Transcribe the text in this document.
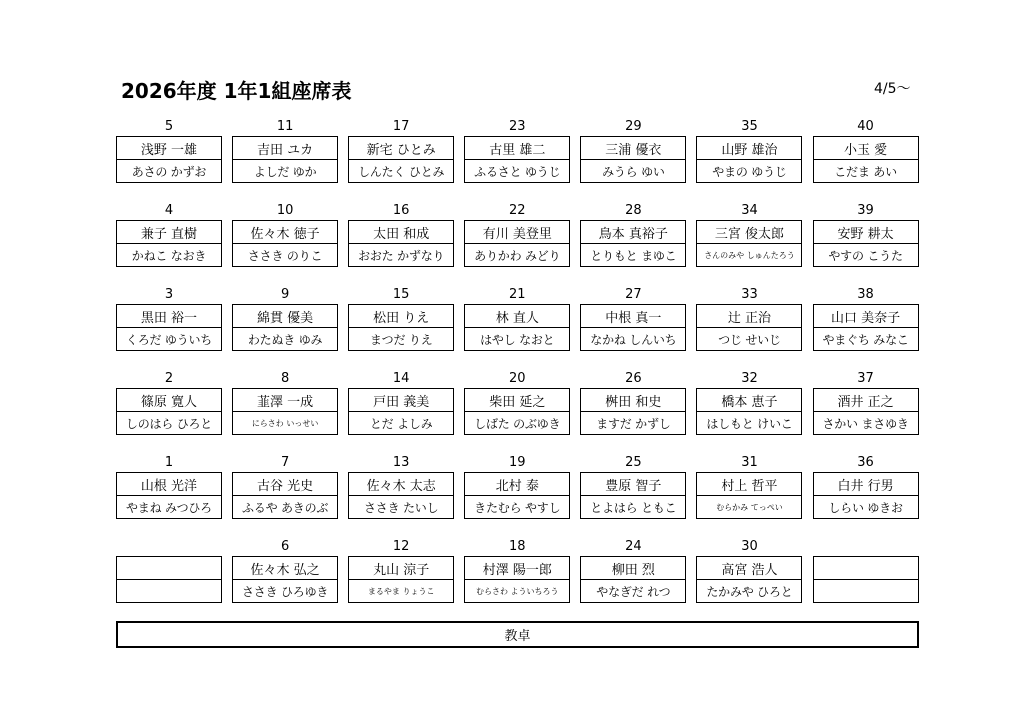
2026年度 1年1組座席表	4/5〜
5
浅野 一雄
あさの かずお
11
吉田 ユカ
よしだ ゆか
17
新宅 ひとみ
しんたく ひとみ
23
古里 雄二
ふるさと ゆうじ
29
三浦 優衣
みうら ゆい
35
山野 雄治
やまの ゆうじ
40
小玉 愛
こだま あい
4
兼子 直樹
かねこ なおき
10
佐々木 徳子
ささき のりこ
16
太田 和成
おおた かずなり
22
有川 美登里
ありかわ みどり
28
鳥本 真裕子
とりもと まゆこ
34
三宮 俊太郎
さんのみや しゅんたろう
39
安野 耕太
やすの こうた
3
黒田 裕一
くろだ ゆういち
9
綿貫 優美
わたぬき ゆみ
15
松田 りえ
まつだ りえ
21
林 直人
はやし なおと
27
中根 真一
なかね しんいち
33
辻 正治
つじ せいじ
38
山口 美奈子
やまぐち みなこ
2
篠原 寛人
しのはら ひろと
8
韮澤 一成
にらさわ いっせい
14
戸田 義美
とだ よしみ
20
柴田 延之
しばた のぶゆき
26
桝田 和史
ますだ かずし
32
橋本 恵子
はしもと けいこ
37
酒井 正之
さかい まさゆき
1
山根 光洋
やまね みつひろ
7
古谷 光史
ふるや あきのぶ
13
佐々木 太志
ささき たいし
19
北村 泰
きたむら やすし
25
豊原 智子
とよはら ともこ
31
村上 哲平
むらかみ てっぺい
36
白井 行男
しらい ゆきお
6
佐々木 弘之
ささき ひろゆき
12
丸山 涼子
まるやま りょうこ
18
村澤 陽一郎
むらさわ よういちろう
24
柳田 烈
やなぎだ れつ
30
高宮 浩人
たかみや ひろと
教卓
